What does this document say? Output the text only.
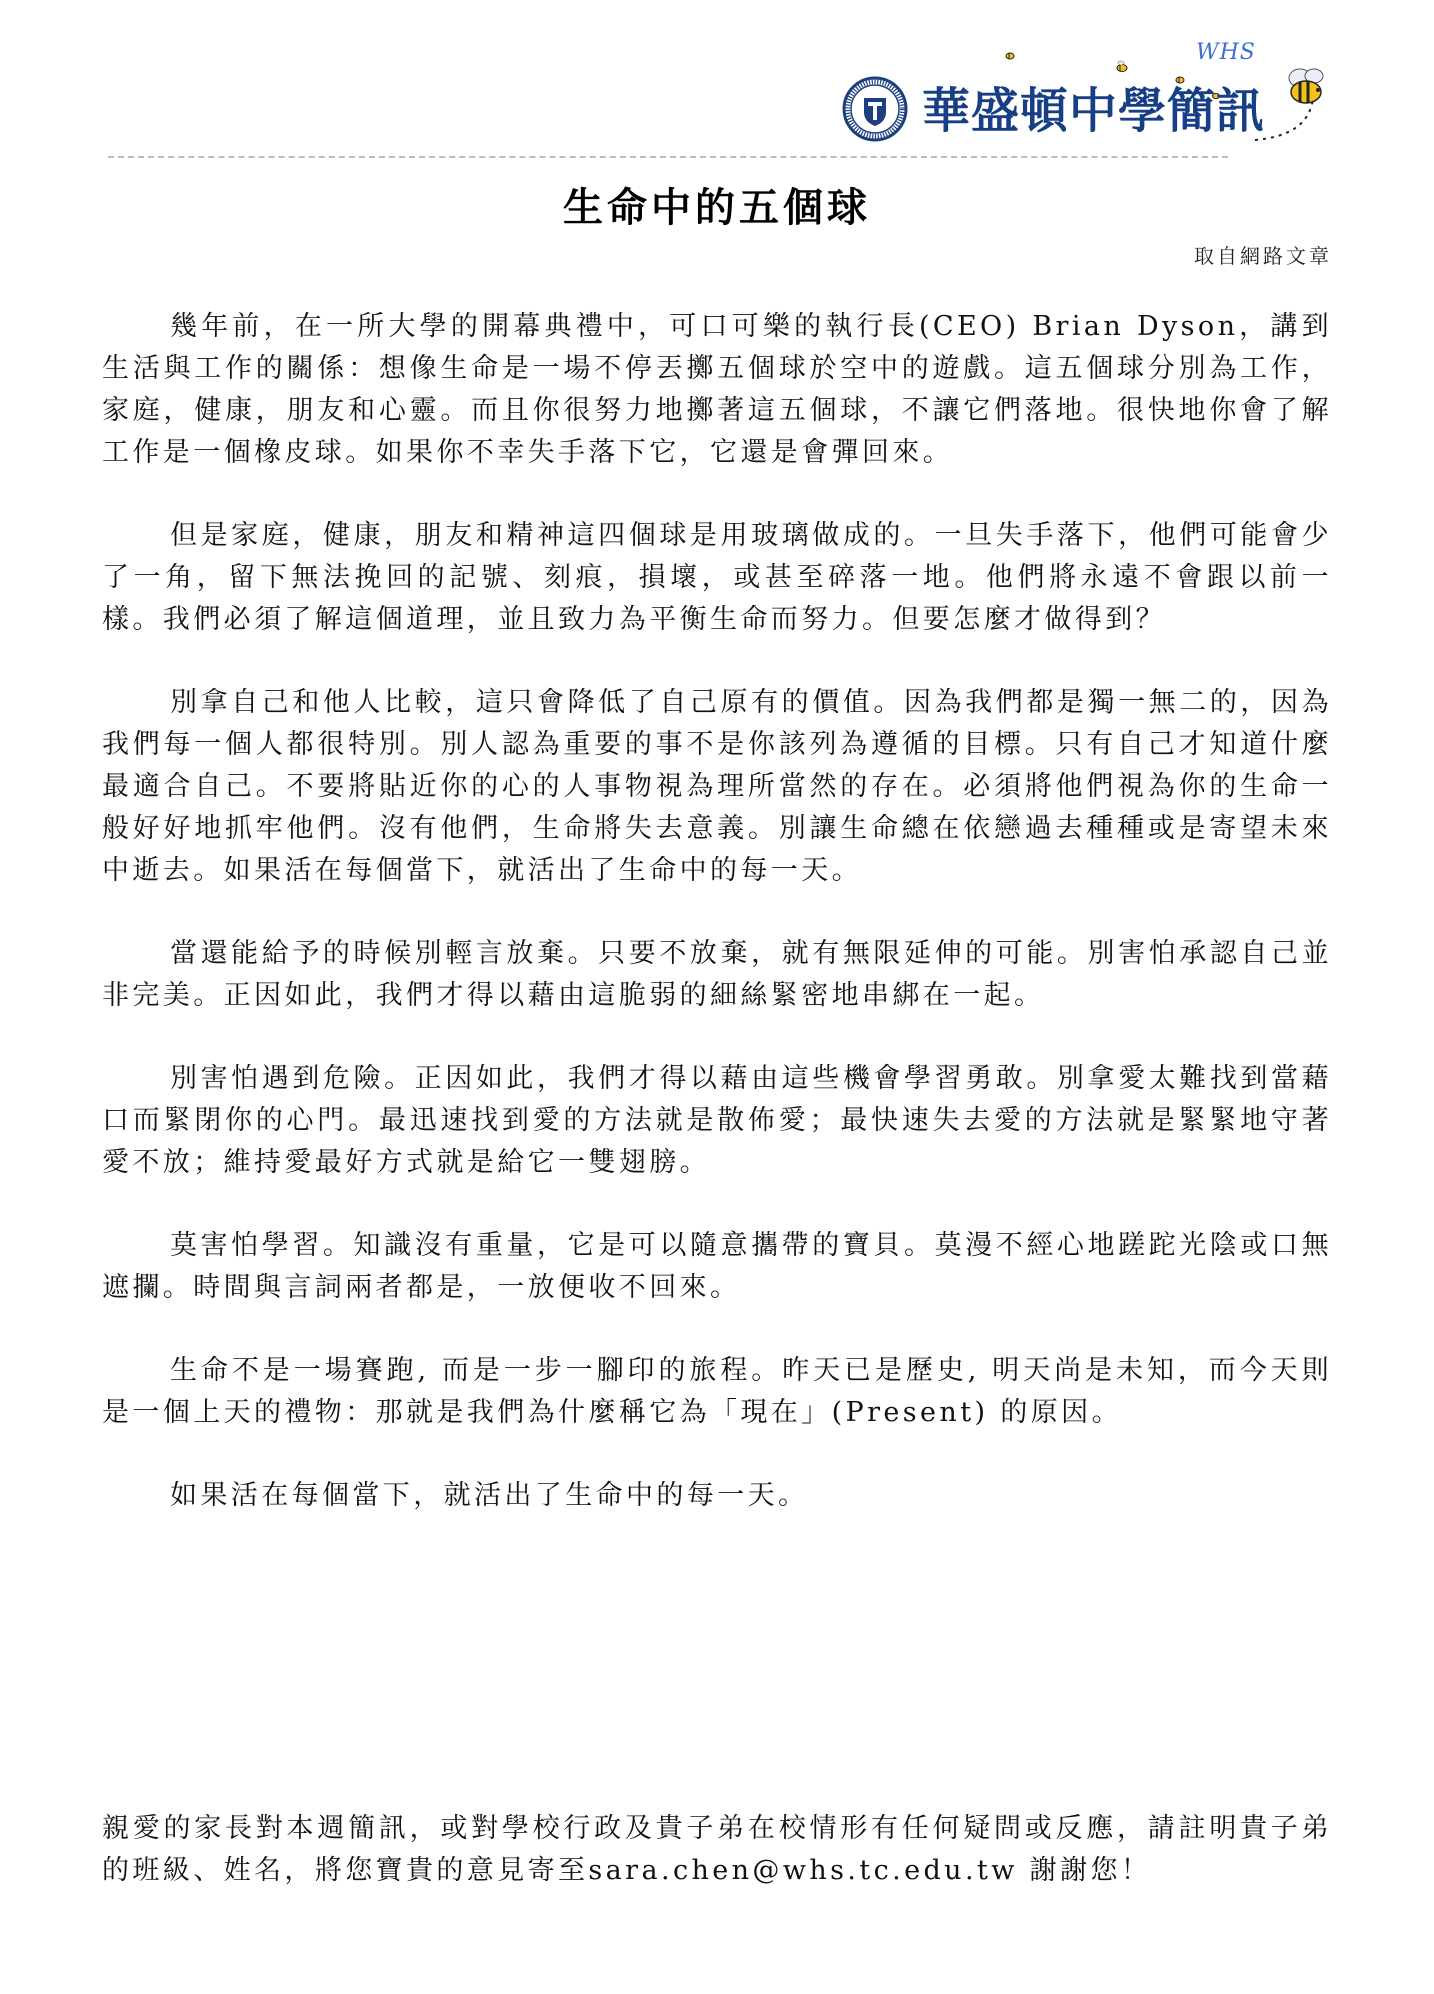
WHS
華盛頓中學簡訊
生命中的五個球
取自網路文章

幾年前，在一所大學的開幕典禮中，可口可樂的執行長(CEO) Brian Dyson，講到生活與工作的關係：想像生命是一場不停丟擲五個球於空中的遊戲。這五個球分別為工作，家庭，健康，朋友和心靈。而且你很努力地擲著這五個球，不讓它們落地。很快地你會了解工作是一個橡皮球。如果你不幸失手落下它，它還是會彈回來。

但是家庭，健康，朋友和精神這四個球是用玻璃做成的。一旦失手落下，他們可能會少了一角，留下無法挽回的記號、刻痕，損壞，或甚至碎落一地。他們將永遠不會跟以前一樣。我們必須了解這個道理，並且致力為平衡生命而努力。但要怎麼才做得到？

別拿自己和他人比較，這只會降低了自己原有的價值。因為我們都是獨一無二的，因為我們每一個人都很特別。別人認為重要的事不是你該列為遵循的目標。只有自己才知道什麼最適合自己。不要將貼近你的心的人事物視為理所當然的存在。必須將他們視為你的生命一般好好地抓牢他們。沒有他們，生命將失去意義。別讓生命總在依戀過去種種或是寄望未來中逝去。如果活在每個當下，就活出了生命中的每一天。

當還能給予的時候別輕言放棄。只要不放棄，就有無限延伸的可能。別害怕承認自己並非完美。正因如此，我們才得以藉由這脆弱的細絲緊密地串綁在一起。

別害怕遇到危險。正因如此，我們才得以藉由這些機會學習勇敢。別拿愛太難找到當藉口而緊閉你的心門。最迅速找到愛的方法就是散佈愛；最快速失去愛的方法就是緊緊地守著愛不放；維持愛最好方式就是給它一雙翅膀。

莫害怕學習。知識沒有重量，它是可以隨意攜帶的寶貝。莫漫不經心地蹉跎光陰或口無遮攔。時間與言詞兩者都是，一放便收不回來。

生命不是一場賽跑, 而是一步一腳印的旅程。昨天已是歷史, 明天尚是未知，而今天則是一個上天的禮物：那就是我們為什麼稱它為「現在」(Present) 的原因。

如果活在每個當下，就活出了生命中的每一天。

親愛的家長對本週簡訊，或對學校行政及貴子弟在校情形有任何疑問或反應，請註明貴子弟的班級、姓名，將您寶貴的意見寄至sara.chen@whs.tc.edu.tw 謝謝您！
